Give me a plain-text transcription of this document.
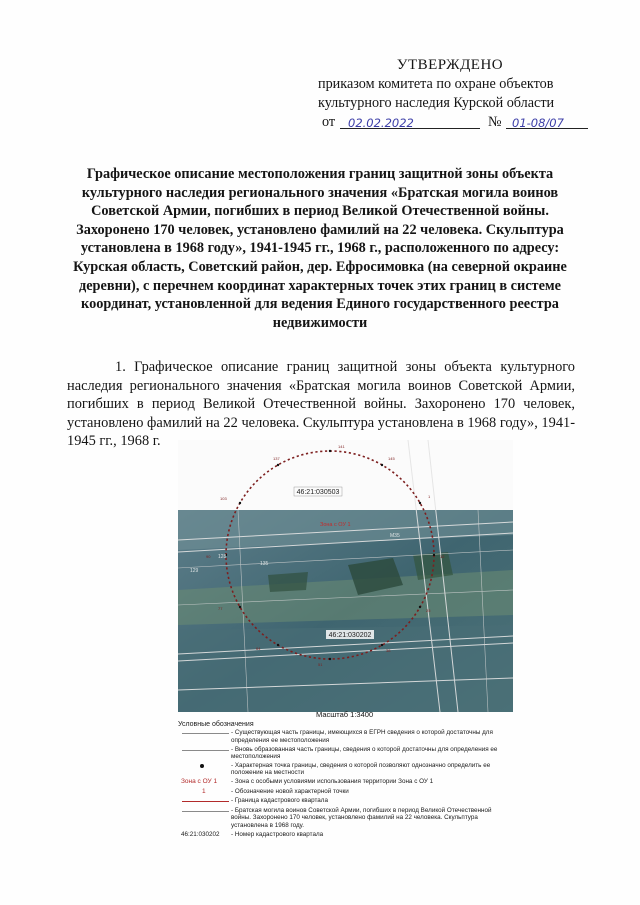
УТВЕРЖДЕНО
приказом комитета по охране объектов
культурного наследия Курской области
от 02.02.2022	№ 01-08/07
Графическое описание местоположения границ защитной зоны объекта культурного наследия регионального значения «Братская могила воинов Советской Армии, погибших в период Великой Отечественной войны. Захоронено 170 человек, установлено фамилий на 22 человека. Скульптура установлена в 1968 году», 1941-1945 гг., 1968 г., расположенного по адресу: Курская область, Советский район, дер. Ефросимовка (на северной окраине деревни), с перечнем координат характерных точек этих границ в системе координат, установленной для ведения Единого государственного реестра недвижимости
1. Графическое описание границ защитной зоны объекта культурного наследия регионального значения «Братская могила воинов Советской Армии, погибших в период Великой Отечественной войны. Захоронено 170 человек, установлено фамилий на 22 человека. Скульптура установлена в 1968 году», 1941-1945 гг., 1968 г.
137
141
145
1
12
25
38
51
64
77
90
103
46:21:030503
Зона с ОУ 1
46:21:030202
129
135
M35
128
Масштаб 1:3400
Условные обозначения
- Существующая часть границы, имеющихся в ЕГРН сведения о которой достаточны для определения ее местоположения
- Вновь образованная часть границы, сведения о которой достаточны для определения ее местоположения
- Характерная точка границы, сведения о которой позволяют однозначно определить ее положение на местности
Зона с ОУ 1 - Зона с особыми условиями использования территории Зона с ОУ 1
1	- Обозначение новой характерной точки
- Граница кадастрового квартала
- Братская могила воинов Советской Армии, погибших в период Великой Отечественной войны. Захоронено 170 человек, установлено фамилий на 22 человека. Скульптура установлена в 1968 году.
46:21:030202 - Номер кадастрового квартала
